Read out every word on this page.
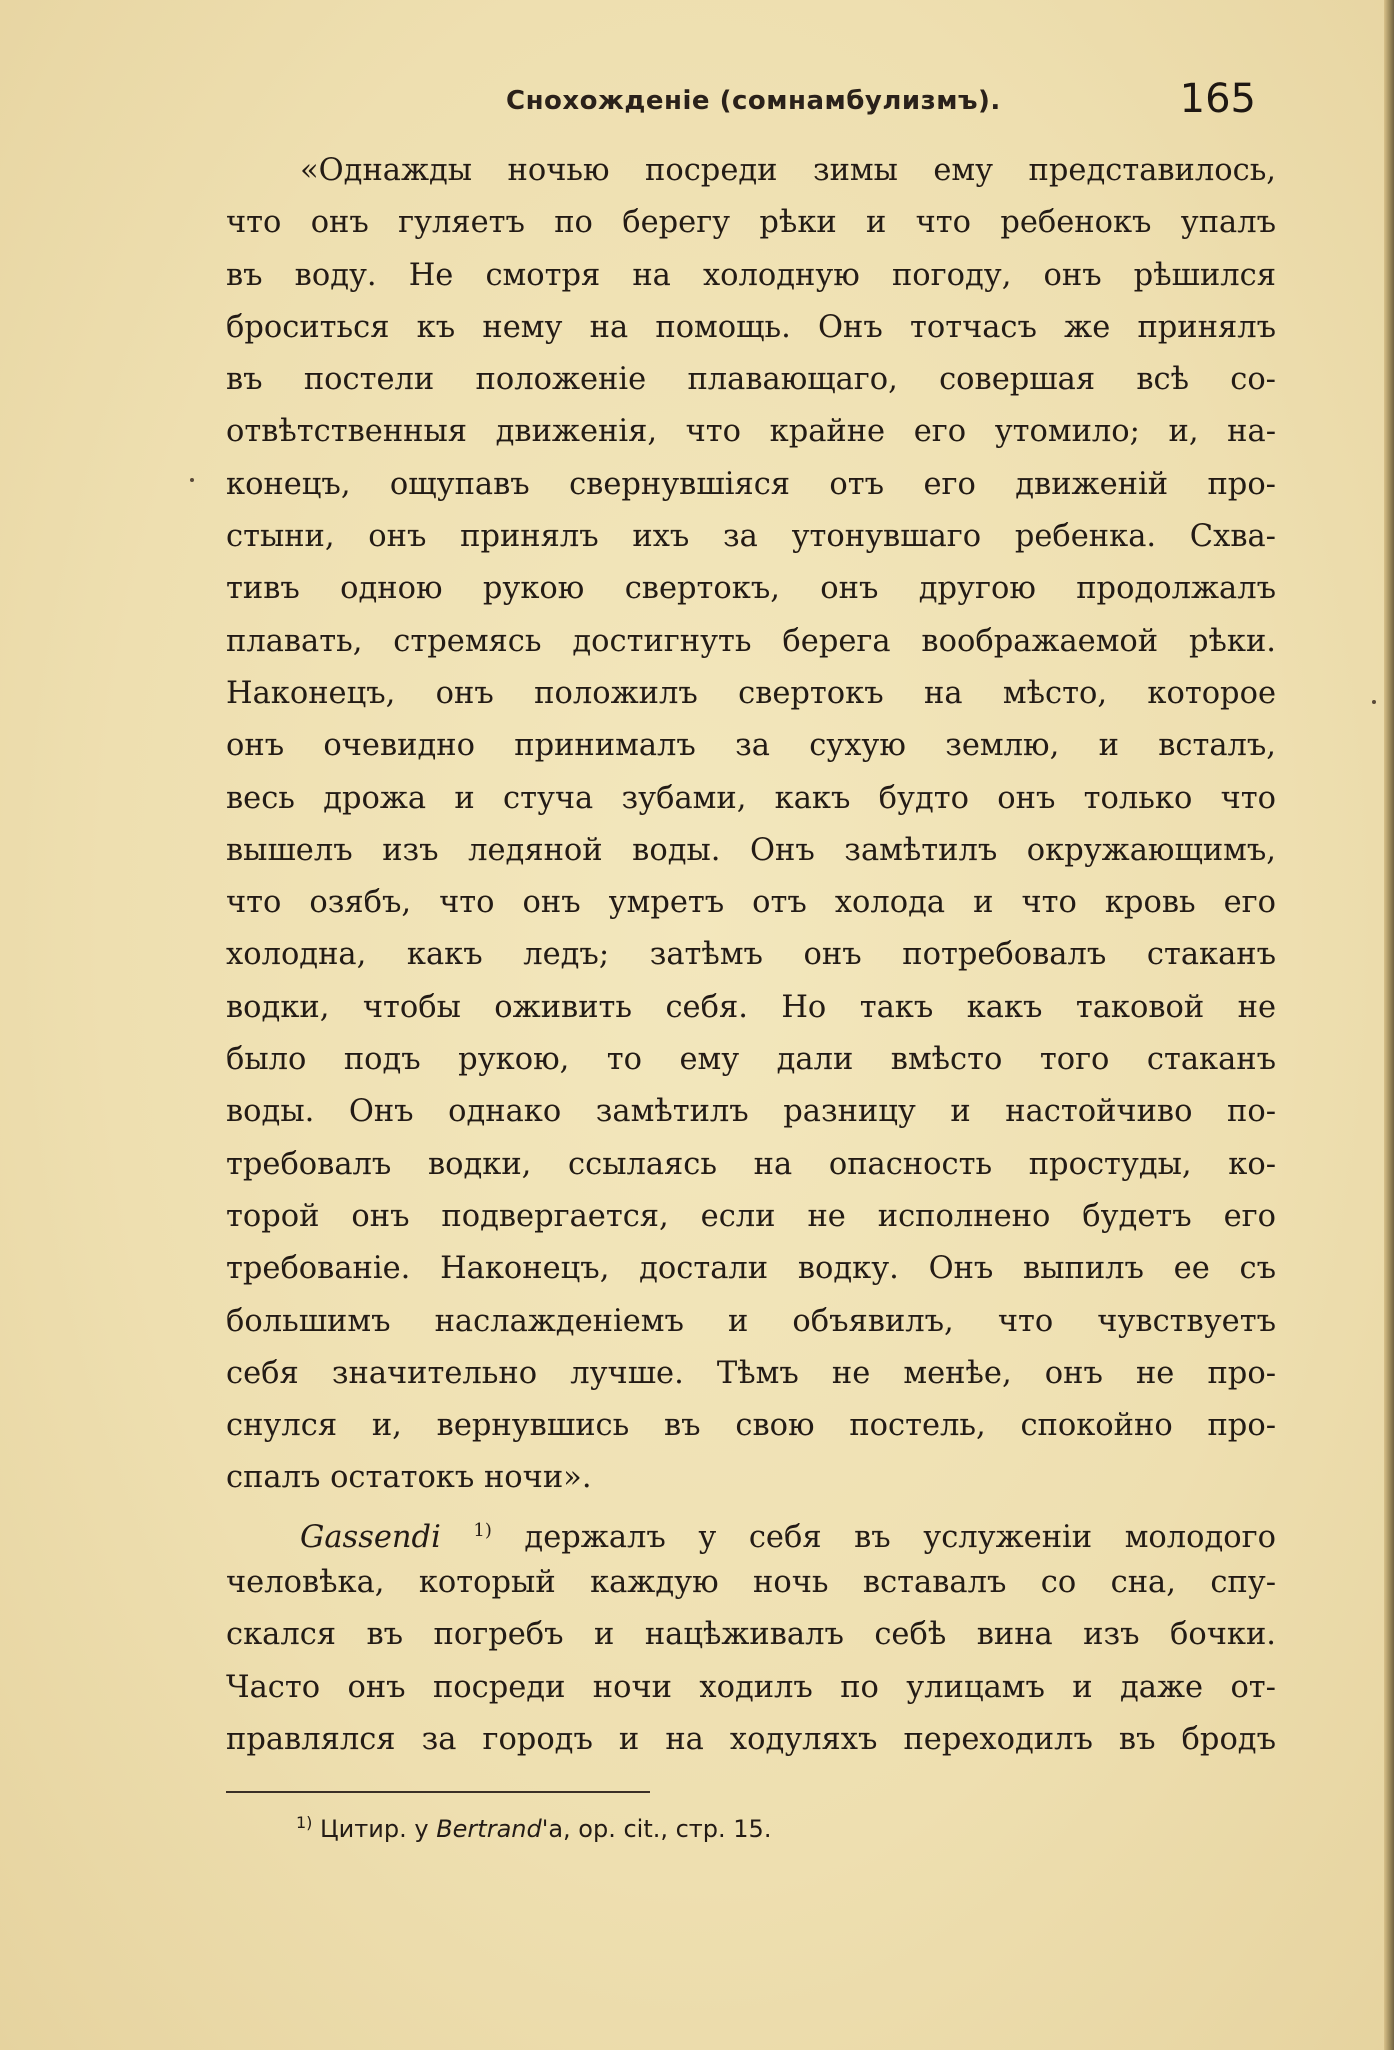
Снохожденіе (сомнамбулизмъ).	165
«Однажды ночью посреди зимы ему представилось,
что онъ гуляетъ по берегу рѣки и что ребенокъ упалъ
въ воду. Не смотря на холодную погоду, онъ рѣшился
броситься къ нему на помощь. Онъ тотчасъ же принялъ
въ постели положеніе плавающаго, совершая всѣ со-
отвѣтственныя движенія, что крайне его утомило; и, на-
конецъ, ощупавъ свернувшіяся отъ его движеній про-
стыни, онъ принялъ ихъ за утонувшаго ребенка. Схва-
тивъ одною рукою свертокъ, онъ другою продолжалъ
плавать, стремясь достигнуть берега воображаемой рѣки.
Наконецъ, онъ положилъ свертокъ на мѣсто, которое
онъ очевидно принималъ за сухую землю, и всталъ,
весь дрожа и стуча зубами, какъ будто онъ только что
вышелъ изъ ледяной воды. Онъ замѣтилъ окружающимъ,
что озябъ, что онъ умретъ отъ холода и что кровь его
холодна, какъ ледъ; затѣмъ онъ потребовалъ стаканъ
водки, чтобы оживить себя. Но такъ какъ таковой не
было подъ рукою, то ему дали вмѣсто того стаканъ
воды. Онъ однако замѣтилъ разницу и настойчиво по-
требовалъ водки, ссылаясь на опасность простуды, ко-
торой онъ подвергается, если не исполнено будетъ его
требованіе. Наконецъ, достали водку. Онъ выпилъ ее съ
большимъ наслажденіемъ и объявилъ, что чувствуетъ
себя значительно лучше. Тѣмъ не менѣе, онъ не про-
снулся и, вернувшись въ свою постель, спокойно про-
спалъ остатокъ ночи».
Gassendi $^{1)}$ держалъ у себя въ услуженіи молодого
человѣка, который каждую ночь вставалъ со сна, спу-
скался въ погребъ и нацѣживалъ себѣ вина изъ бочки.
Часто онъ посреди ночи ходилъ по улицамъ и даже от-
правлялся за городъ и на ходуляхъ переходилъ въ бродъ
$^{1)}$ Цитир. у Bertrand'а, op. cit., стр. 15.
